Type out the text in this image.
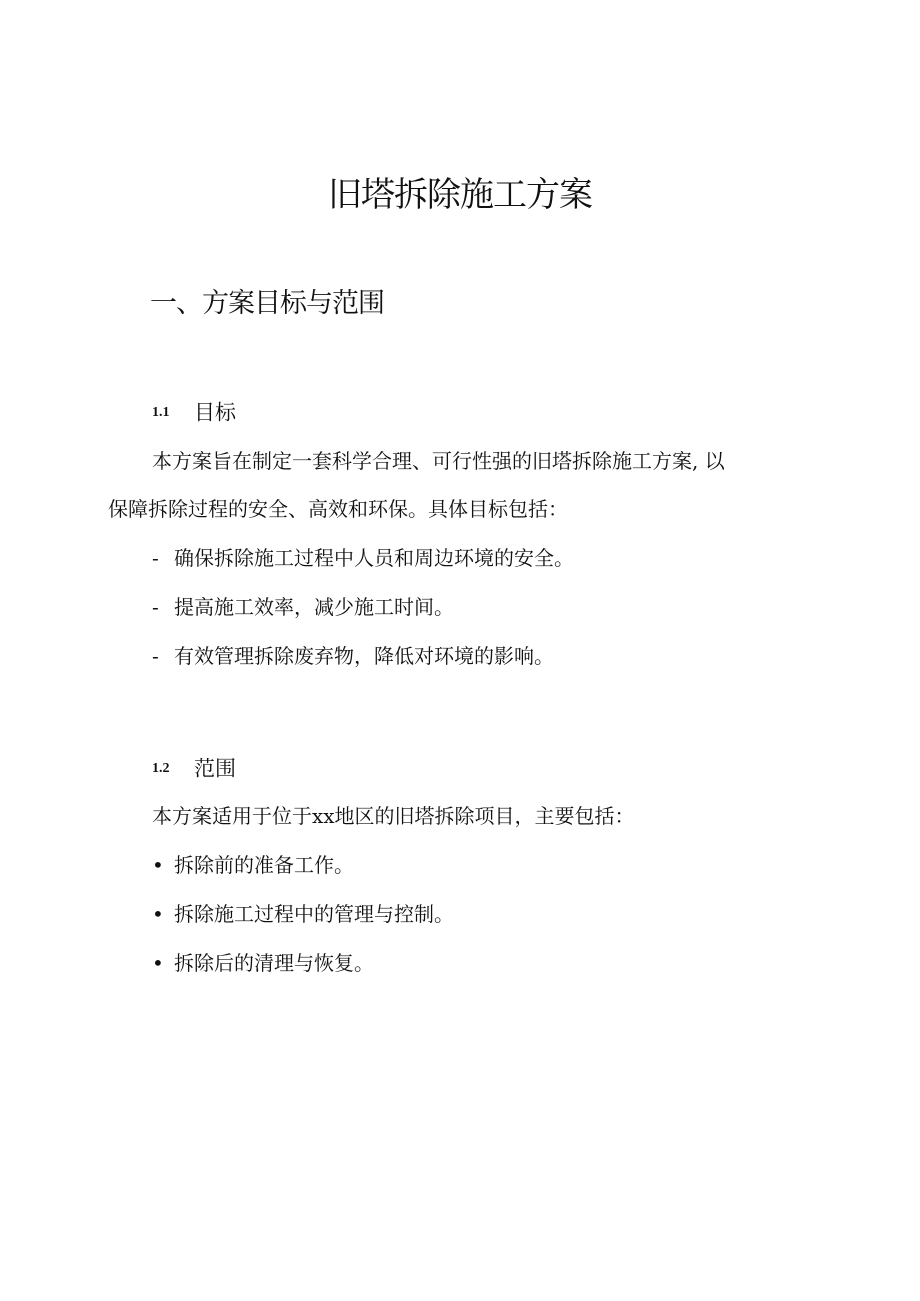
旧塔拆除施工方案
一、方案目标与范围
1.1 目标

本方案旨在制定一套科学合理、可行性强的旧塔拆除施工方案, 以

保障拆除过程的安全、高效和环保。具体目标包括：

- 确保拆除施工过程中人员和周边环境的安全。
- 提高施工效率，减少施工时间。
- 有效管理拆除废弃物，降低对环境的影响。
1.2 范围

本方案适用于位于xx地区的旧塔拆除项目，主要包括：

• 拆除前的准备工作。
• 拆除施工过程中的管理与控制。
• 拆除后的清理与恢复。
